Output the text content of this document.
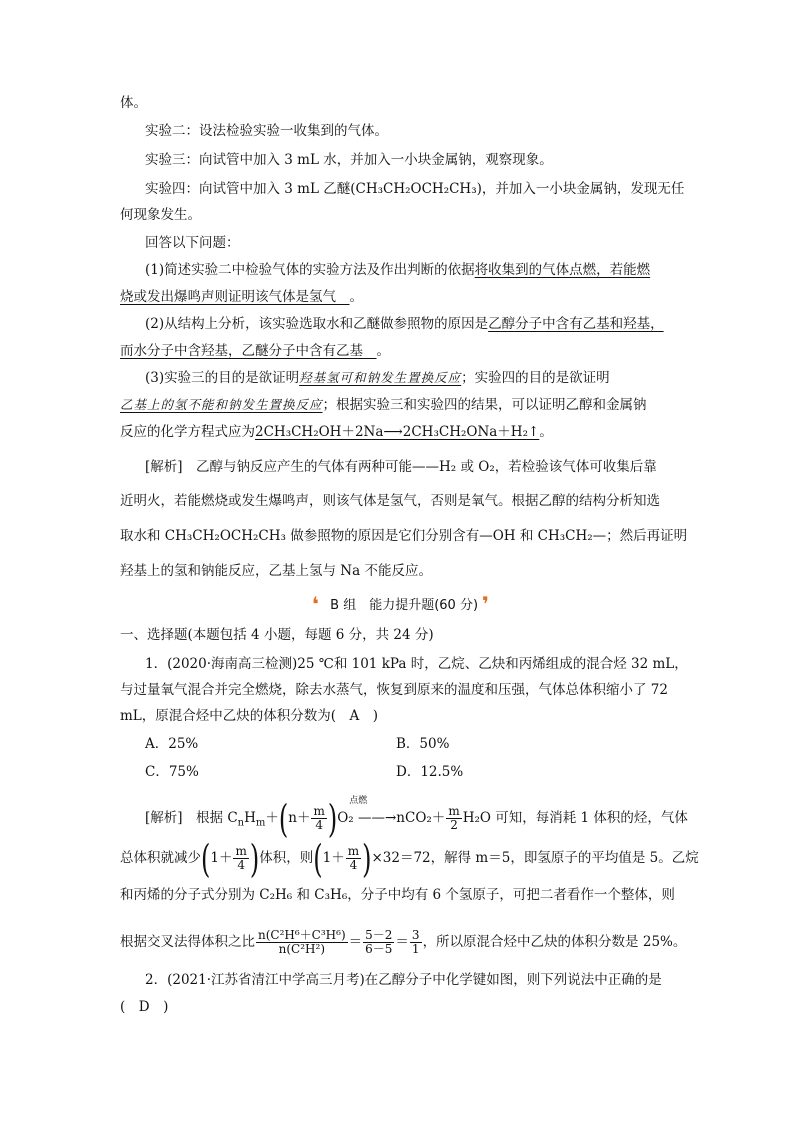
体。
实验二：设法检验实验一收集到的气体。
实验三：向试管中加入 3 mL 水，并加入一小块金属钠，观察现象。
实验四：向试管中加入 3 mL 乙醚(CH₃CH₂OCH₂CH₃)，并加入一小块金属钠，发现无任
何现象发生。
回答以下问题：
(1)简述实验二中检验气体的实验方法及作出判断的依据将收集到的气体点燃，若能燃
烧或发出爆鸣声则证明该气体是氢气　 。
(2)从结构上分析，该实验选取水和乙醚做参照物的原因是乙醇分子中含有乙基和羟基，
而水分子中含羟基，乙醚分子中含有乙基　 。
(3)实验三的目的是欲证明羟基氢可和钠发生置换反应；实验四的目的是欲证明
乙基上的氢不能和钠发生置换反应；根据实验三和实验四的结果，可以证明乙醇和金属钠
反应的化学方程式应为2CH₃CH₂OH＋2Na⟶2CH₃CH₂ONa＋H₂↑。
[解析]　乙醇与钠反应产生的气体有两种可能——H₂ 或 O₂，若检验该气体可收集后靠
近明火，若能燃烧或发生爆鸣声，则该气体是氢气，否则是氧气。根据乙醇的结构分析知选
取水和 CH₃CH₂OCH₂CH₃ 做参照物的原因是它们分别含有—OH 和 CH₃CH₂—；然后再证明
羟基上的氢和钠能反应，乙基上氢与 Na 不能反应。
❛ B 组　能力提升题(60 分) ❜
一、选择题(本题包括 4 小题，每题 6 分，共 24 分)
1．(2020·海南高三检测)25 ℃和 101 kPa 时，乙烷、乙炔和丙烯组成的混合烃 32 mL，
与过量氧气混合并完全燃烧，除去水蒸气，恢复到原来的温度和压强，气体总体积缩小了 72
mL，原混合烃中乙炔的体积分数为(　A　)
A．25%	B．50%
C．75%	D．12.5%
[解析]　根据 $C_nH_m+(n+ \frac{m}{4}$ ) 点燃
O₂ ——→nCO₂＋ $\frac{m}{2} H_2O$ 可知，每消耗 1 体积的烃，气体
总体积就减少($1+ \frac{m}{4}$ )体积，则$(1+ \frac{m}{4} )\times 32=72$，解得 m＝5，即氢原子的平均值是 5。乙烷
和丙烯的分子式分别为 C₂H₆ 和 C₃H₆，分子中均有 6 个氢原子，可把二者看作一个整体，则
根据交叉法得体积之比 $\frac{\text{n(C²H⁶＋C³H⁶)}}{\text{n(C²H²)}} = \frac{5-2}{6-5} = \frac{3}{1}$ ，所以原混合烃中乙炔的体积分数是 25%。
2．(2021·江苏省清江中学高三月考)在乙醇分子中化学键如图，则下列说法中正确的是
(　D　)
